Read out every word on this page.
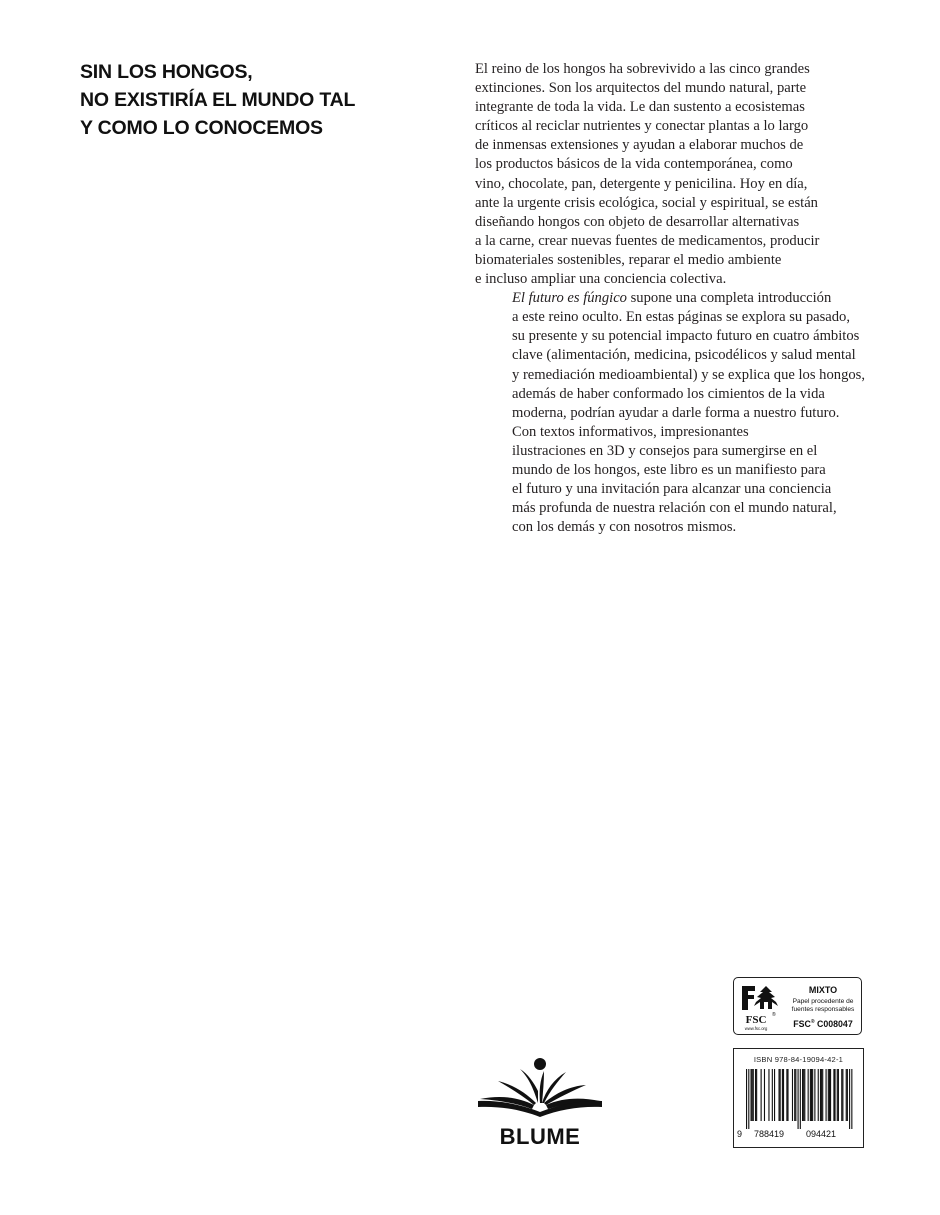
SIN LOS HONGOS,
NO EXISTIRÍA EL MUNDO TAL
Y COMO LO CONOCEMOS

El reino de los hongos ha sobrevivido a las cinco grandes
extinciones. Son los arquitectos del mundo natural, parte
integrante de toda la vida. Le dan sustento a ecosistemas
críticos al reciclar nutrientes y conectar plantas a lo largo
de inmensas extensiones y ayudan a elaborar muchos de
los productos básicos de la vida contemporánea, como
vino, chocolate, pan, detergente y penicilina. Hoy en día,
ante la urgente crisis ecológica, social y espiritual, se están
diseñando hongos con objeto de desarrollar alternativas
a la carne, crear nuevas fuentes de medicamentos, producir
biomateriales sostenibles, reparar el medio ambiente
e incluso ampliar una conciencia colectiva.

El futuro es fúngico supone una completa introducción
a este reino oculto. En estas páginas se explora su pasado,
su presente y su potencial impacto futuro en cuatro ámbitos
clave (alimentación, medicina, psicodélicos y salud mental
y remediación medioambiental) y se explica que los hongos,
además de haber conformado los cimientos de la vida
moderna, podrían ayudar a darle forma a nuestro futuro.

Con textos informativos, impresionantes
ilustraciones en 3D y consejos para sumergirse en el
mundo de los hongos, este libro es un manifiesto para
el futuro y una invitación para alcanzar una conciencia
más profunda de nuestra relación con el mundo natural,
con los demás y con nosotros mismos.

FSC ®
www.fsc.org
MIXTO
Papel procedente de
fuentes responsables
FSC® C008047
ISBN 978-84-19094-42-1
9 788419 094421
BLUME
